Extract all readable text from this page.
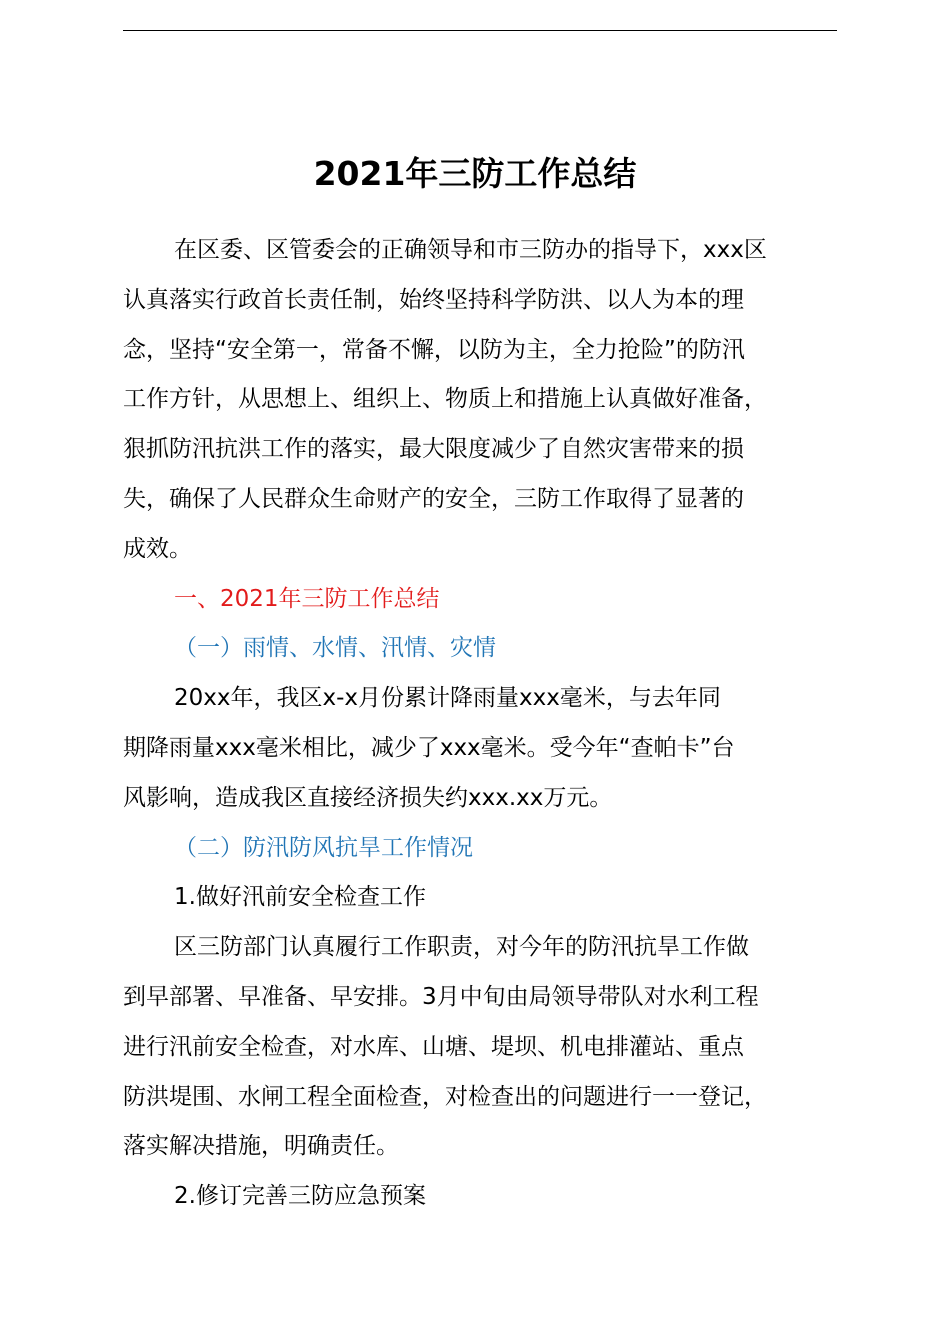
2021年三防工作总结

在区委、区管委会的正确领导和市三防办的指导下，xxx区

认真落实行政首长责任制，始终坚持科学防洪、以人为本的理

念，坚持“安全第一，常备不懈，以防为主，全力抢险”的防汛

工作方针，从思想上、组织上、物质上和措施上认真做好准备，

狠抓防汛抗洪工作的落实，最大限度减少了自然灾害带来的损

失，确保了人民群众生命财产的安全，三防工作取得了显著的

成效。

一、2021年三防工作总结

（一）雨情、水情、汛情、灾情

20xx年，我区x-x月份累计降雨量xxx毫米，与去年同

期降雨量xxx毫米相比，减少了xxx毫米。受今年“查帕卡”台

风影响，造成我区直接经济损失约xxx.xx万元。

（二）防汛防风抗旱工作情况

1.做好汛前安全检查工作

区三防部门认真履行工作职责，对今年的防汛抗旱工作做

到早部署、早准备、早安排。3月中旬由局领导带队对水利工程

进行汛前安全检查，对水库、山塘、堤坝、机电排灌站、重点

防洪堤围、水闸工程全面检查，对检查出的问题进行一一登记，

落实解决措施，明确责任。

2.修订完善三防应急预案
